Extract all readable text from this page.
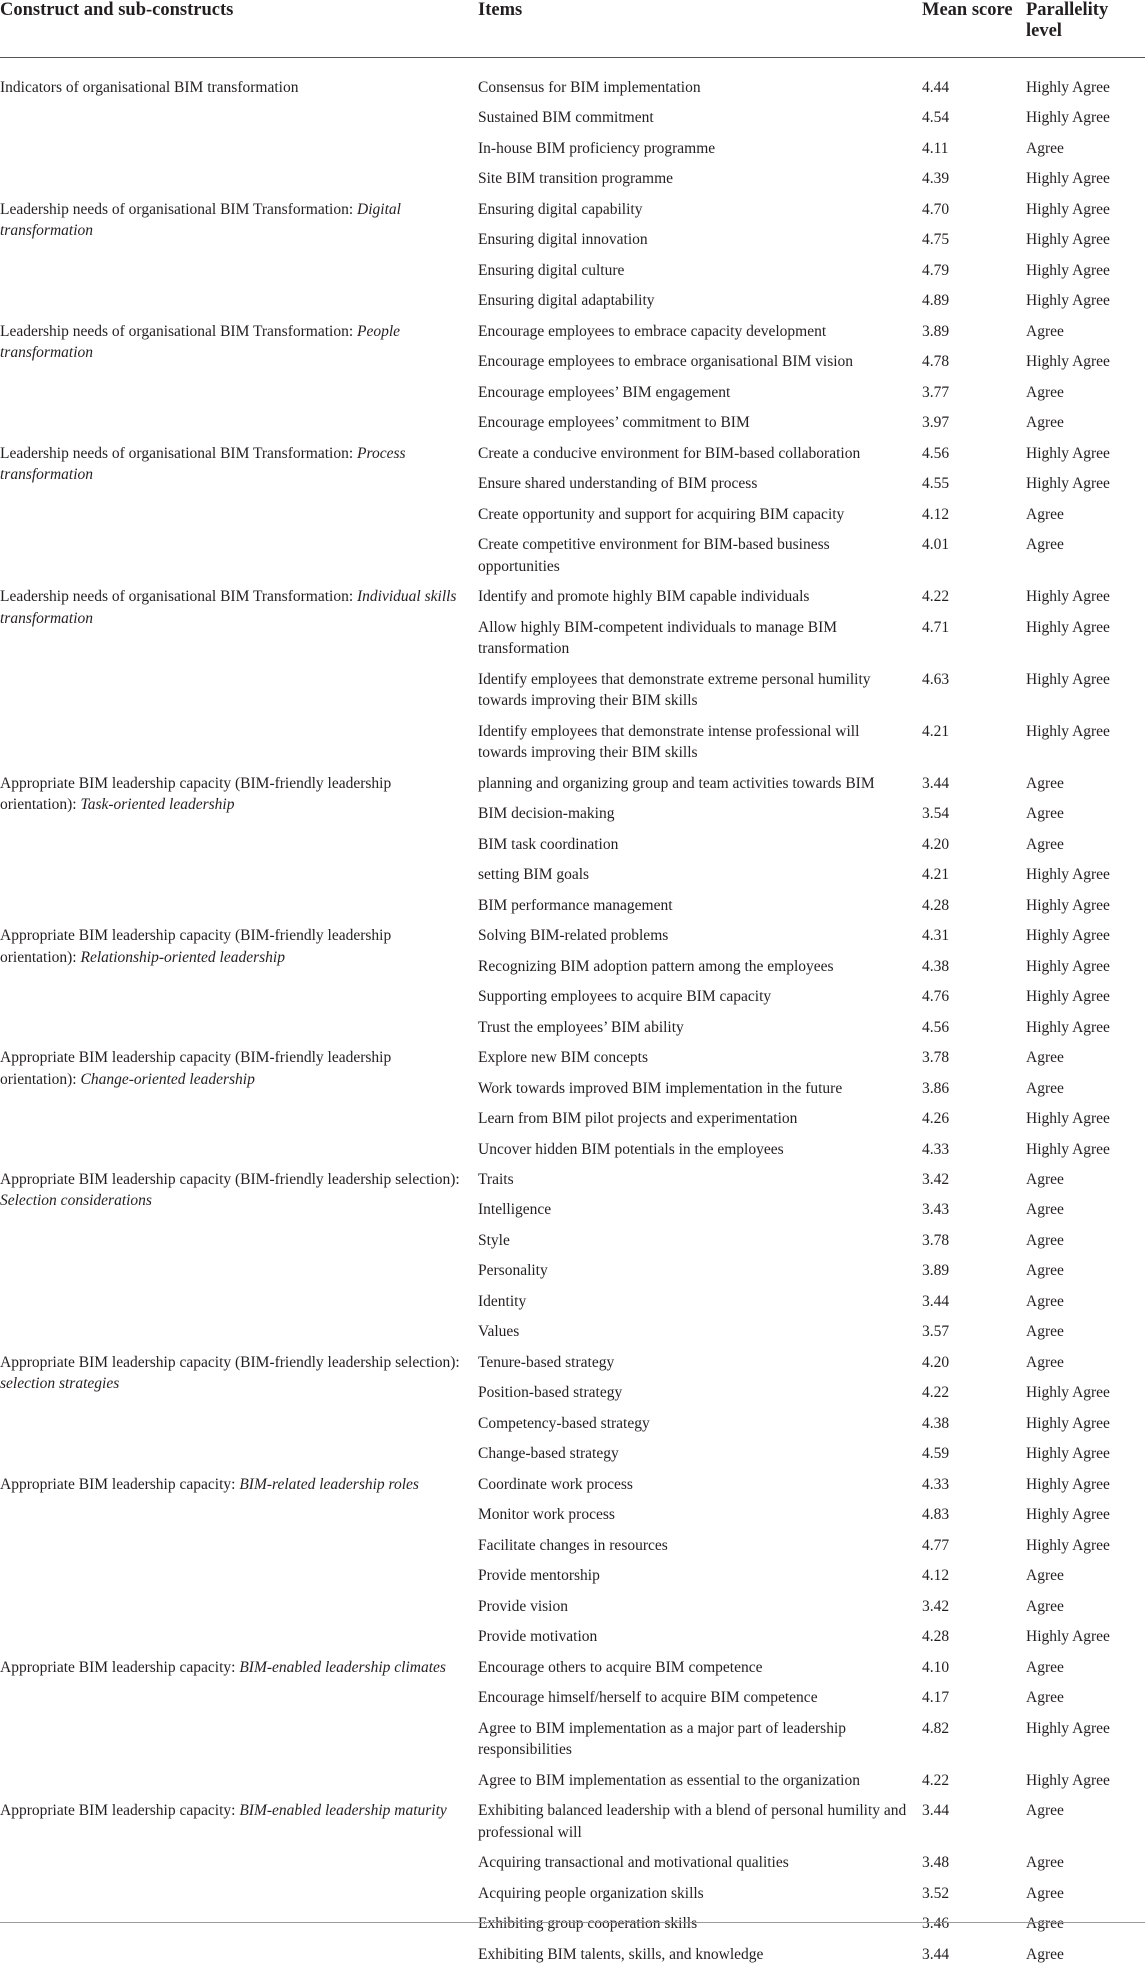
Construct and sub-constructs	Items	Mean score	Parallelity level
Indicators of organisational BIM transformation	Consensus for BIM implementation	4.44	Highly Agree
	Sustained BIM commitment	4.54	Highly Agree
	In-house BIM proficiency programme	4.11	Agree
	Site BIM transition programme	4.39	Highly Agree
Leadership needs of organisational BIM Transformation: Digital transformation	Ensuring digital capability	4.70	Highly Agree
	Ensuring digital innovation	4.75	Highly Agree
	Ensuring digital culture	4.79	Highly Agree
	Ensuring digital adaptability	4.89	Highly Agree
Leadership needs of organisational BIM Transformation: People transformation	Encourage employees to embrace capacity development	3.89	Agree
	Encourage employees to embrace organisational BIM vision	4.78	Highly Agree
	Encourage employees’ BIM engagement	3.77	Agree
	Encourage employees’ commitment to BIM	3.97	Agree
Leadership needs of organisational BIM Transformation: Process transformation	Create a conducive environment for BIM-based collaboration	4.56	Highly Agree
	Ensure shared understanding of BIM process	4.55	Highly Agree
	Create opportunity and support for acquiring BIM capacity	4.12	Agree
	Create competitive environment for BIM-based business opportunities	4.01	Agree
Leadership needs of organisational BIM Transformation: Individual skills transformation	Identify and promote highly BIM capable individuals	4.22	Highly Agree
	Allow highly BIM-competent individuals to manage BIM transformation	4.71	Highly Agree
	Identify employees that demonstrate extreme personal humility towards improving their BIM skills	4.63	Highly Agree
	Identify employees that demonstrate intense professional will towards improving their BIM skills	4.21	Highly Agree
Appropriate BIM leadership capacity (BIM-friendly leadership orientation): Task-oriented leadership	planning and organizing group and team activities towards BIM	3.44	Agree
	BIM decision-making	3.54	Agree
	BIM task coordination	4.20	Agree
	setting BIM goals	4.21	Highly Agree
	BIM performance management	4.28	Highly Agree
Appropriate BIM leadership capacity (BIM-friendly leadership orientation): Relationship-oriented leadership	Solving BIM-related problems	4.31	Highly Agree
	Recognizing BIM adoption pattern among the employees	4.38	Highly Agree
	Supporting employees to acquire BIM capacity	4.76	Highly Agree
	Trust the employees’ BIM ability	4.56	Highly Agree
Appropriate BIM leadership capacity (BIM-friendly leadership orientation): Change-oriented leadership	Explore new BIM concepts	3.78	Agree
	Work towards improved BIM implementation in the future	3.86	Agree
	Learn from BIM pilot projects and experimentation	4.26	Highly Agree
	Uncover hidden BIM potentials in the employees	4.33	Highly Agree
Appropriate BIM leadership capacity (BIM-friendly leadership selection): Selection considerations	Traits	3.42	Agree
	Intelligence	3.43	Agree
	Style	3.78	Agree
	Personality	3.89	Agree
	Identity	3.44	Agree
	Values	3.57	Agree
Appropriate BIM leadership capacity (BIM-friendly leadership selection): selection strategies	Tenure-based strategy	4.20	Agree
	Position-based strategy	4.22	Highly Agree
	Competency-based strategy	4.38	Highly Agree
	Change-based strategy	4.59	Highly Agree
Appropriate BIM leadership capacity: BIM-related leadership roles	Coordinate work process	4.33	Highly Agree
	Monitor work process	4.83	Highly Agree
	Facilitate changes in resources	4.77	Highly Agree
	Provide mentorship	4.12	Agree
	Provide vision	3.42	Agree
	Provide motivation	4.28	Highly Agree
Appropriate BIM leadership capacity: BIM-enabled leadership climates	Encourage others to acquire BIM competence	4.10	Agree
	Encourage himself/herself to acquire BIM competence	4.17	Agree
	Agree to BIM implementation as a major part of leadership responsibilities	4.82	Highly Agree
	Agree to BIM implementation as essential to the organization	4.22	Highly Agree
Appropriate BIM leadership capacity: BIM-enabled leadership maturity	Exhibiting balanced leadership with a blend of personal humility and professional will	3.44	Agree
	Acquiring transactional and motivational qualities	3.48	Agree
	Acquiring people organization skills	3.52	Agree
	Exhibiting group cooperation skills	3.46	Agree
	Exhibiting BIM talents, skills, and knowledge	3.44	Agree
